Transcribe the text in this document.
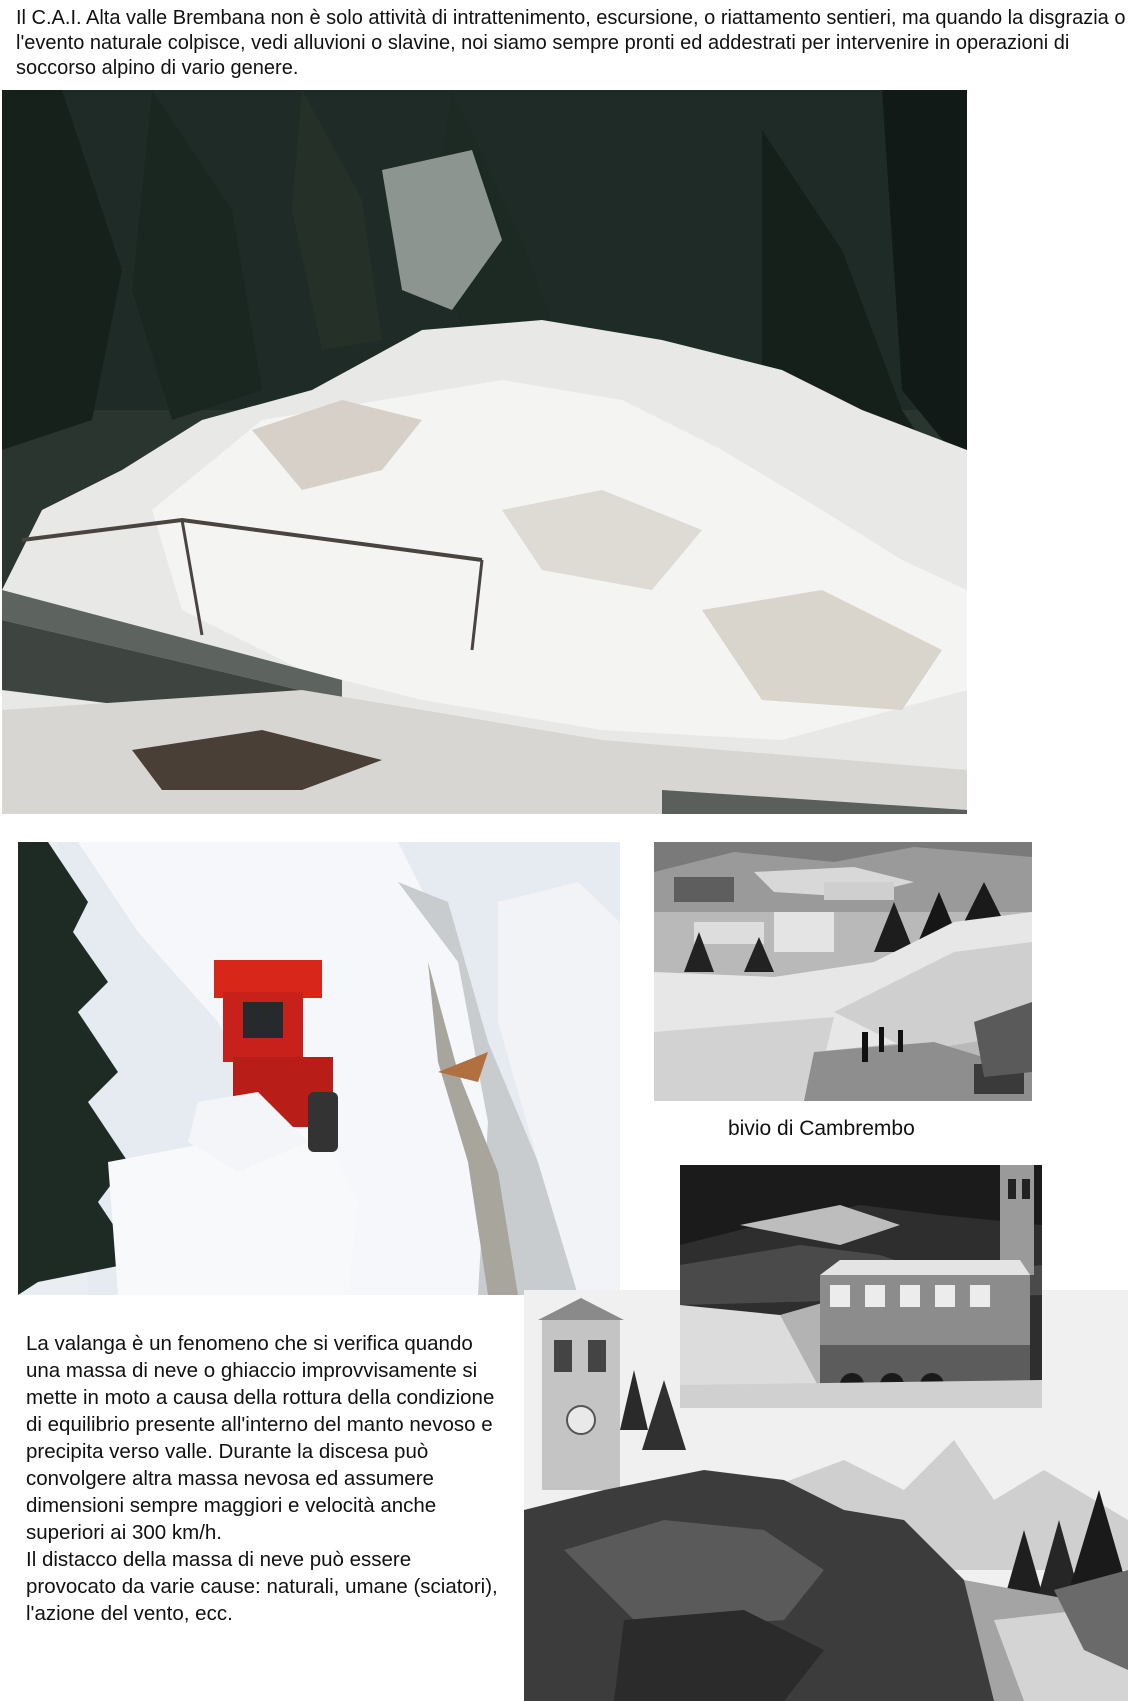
Il C.A.I. Alta valle Brembana non è solo attività di intrattenimento, escursione, o riattamento sentieri, ma quando la disgrazia o l'evento naturale colpisce, vedi alluvioni o slavine, noi siamo sempre pronti ed addestrati per intervenire in operazioni di soccorso alpino di vario genere.

bivio di Cambrembo

La valanga è un fenomeno che si verifica quando una massa di neve o ghiaccio improvvisamente si mette in moto a causa della rottura della condizione di equilibrio presente all'interno del manto nevoso e precipita verso valle. Durante la discesa può convolgere altra massa nevosa ed assumere dimensioni sempre maggiori e velocità anche superiori ai 300 km/h.

Il distacco della massa di neve può essere provocato da varie cause: naturali, umane (sciatori), l'azione del vento, ecc.
